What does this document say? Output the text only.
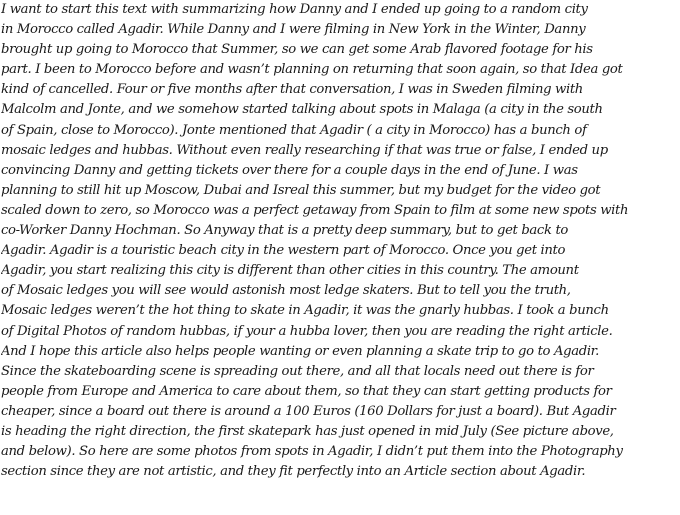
I want to start this text with summarizing how Danny and I ended up going to a random city
in Morocco called Agadir. While Danny and I were filming in New York in the Winter, Danny
brought up going to Morocco that Summer, so we can get some Arab flavored footage for his
part. I been to Morocco before and wasn’t planning on returning that soon again, so that Idea got
kind of cancelled. Four or five months after that conversation, I was in Sweden filming with
Malcolm and Jonte, and we somehow started talking about spots in Malaga (a city in the south
of Spain, close to Morocco). Jonte mentioned that Agadir ( a city in Morocco) has a bunch of
mosaic ledges and hubbas. Without even really researching if that was true or false, I ended up
convincing Danny and getting tickets over there for a couple days in the end of June. I was
planning to still hit up Moscow, Dubai and Isreal this summer, but my budget for the video got
scaled down to zero, so Morocco was a perfect getaway from Spain to film at some new spots with
co-Worker Danny Hochman. So Anyway that is a pretty deep summary, but to get back to
Agadir. Agadir is a touristic beach city in the western part of Morocco. Once you get into
Agadir, you start realizing this city is different than other cities in this country. The amount
of Mosaic ledges you will see would astonish most ledge skaters. But to tell you the truth,
Mosaic ledges weren’t the hot thing to skate in Agadir, it was the gnarly hubbas. I took a bunch
of Digital Photos of random hubbas, if your a hubba lover, then you are reading the right article.
And I hope this article also helps people wanting or even planning a skate trip to go to Agadir.
Since the skateboarding scene is spreading out there, and all that locals need out there is for
people from Europe and America to care about them, so that they can start getting products for
cheaper, since a board out there is around a 100 Euros (160 Dollars for just a board). But Agadir
is heading the right direction, the first skatepark has just opened in mid July (See picture above,
and below). So here are some photos from spots in Agadir, I didn’t put them into the Photography
section since they are not artistic, and they fit perfectly into an Article section about Agadir.
